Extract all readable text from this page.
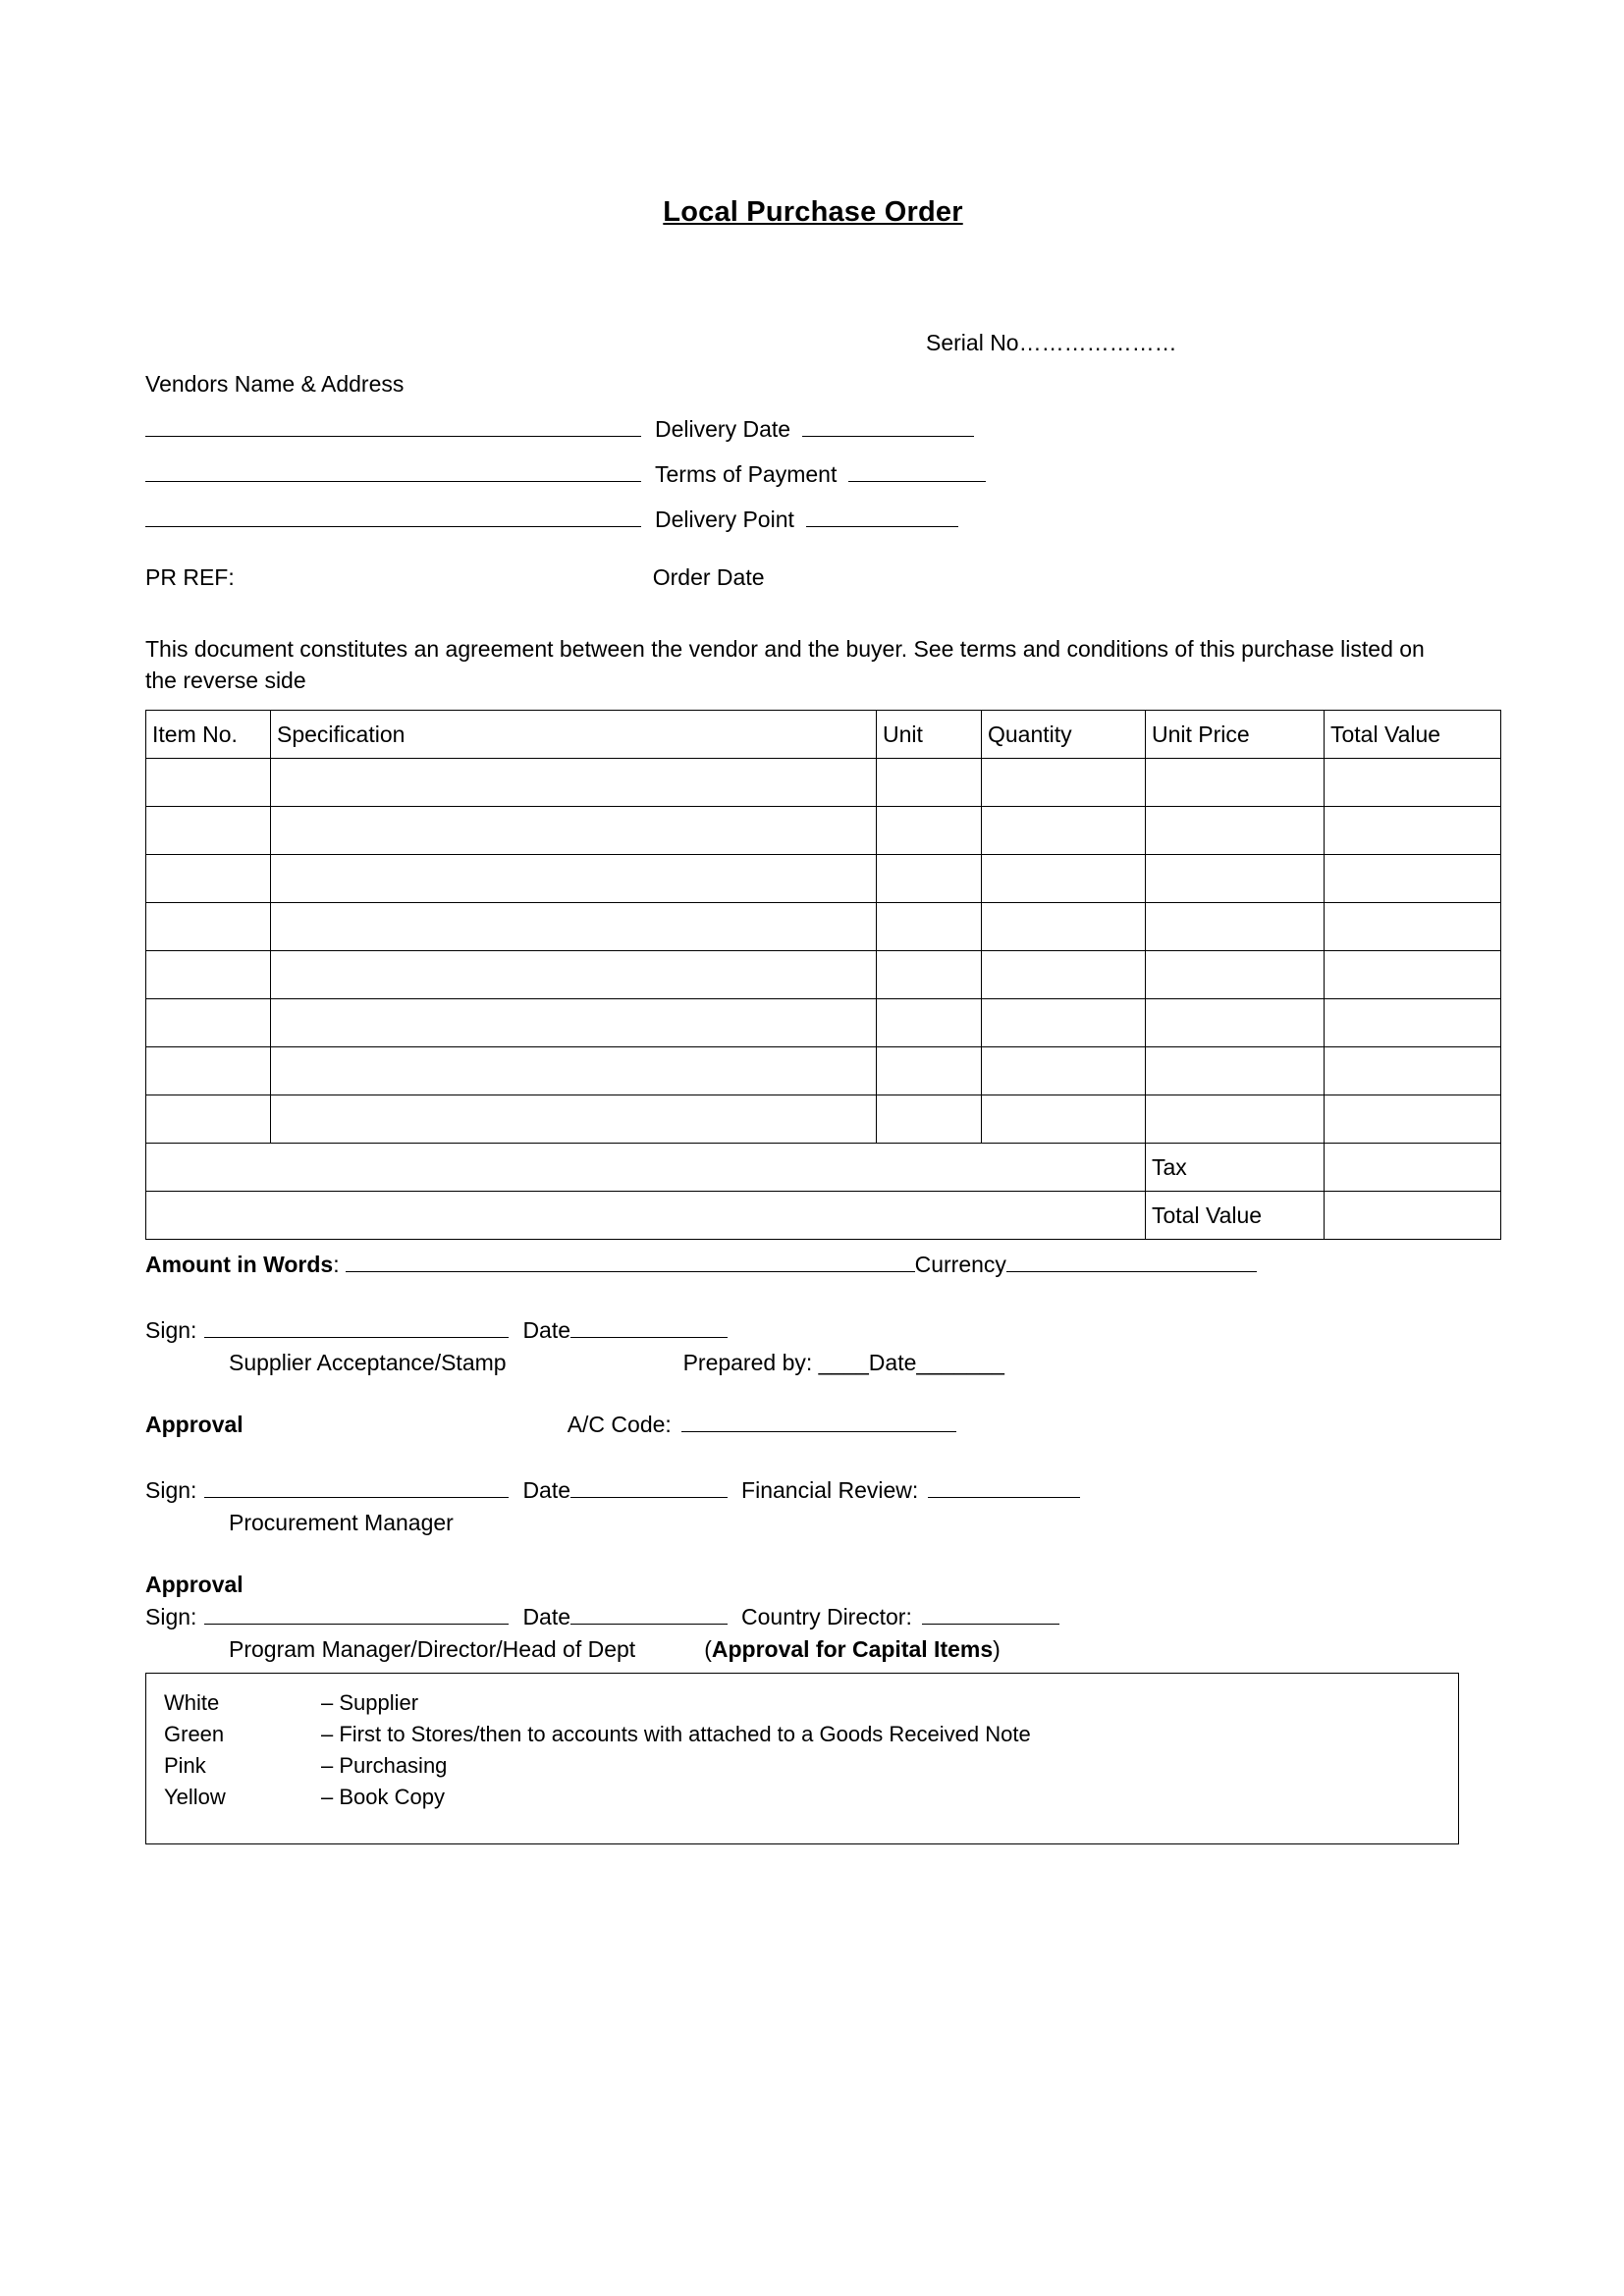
Local Purchase Order
Serial No…………………
Vendors Name & Address
Delivery Date
Terms of Payment
Delivery Point
PR REF:	Order Date
This document constitutes an agreement between the vendor and the buyer. See terms and conditions of this purchase listed on the reverse side
Item No.	Specification	Unit	Quantity	Unit Price	Total Value

				Tax	
				Total Value	
Amount in Words :	Currency
Sign:	Date
Supplier Acceptance/Stamp	Prepared by: ____Date_______
Approval	A/C Code:
Sign:	Date	Financial Review:
Procurement Manager
Approval
Sign:	Date	Country Director:
Program Manager/Director/Head of Dept	(Approval for Capital Items)
White	– Supplier
Green	– First to Stores/then to accounts with attached to a Goods Received Note
Pink	– Purchasing
Yellow	– Book Copy
